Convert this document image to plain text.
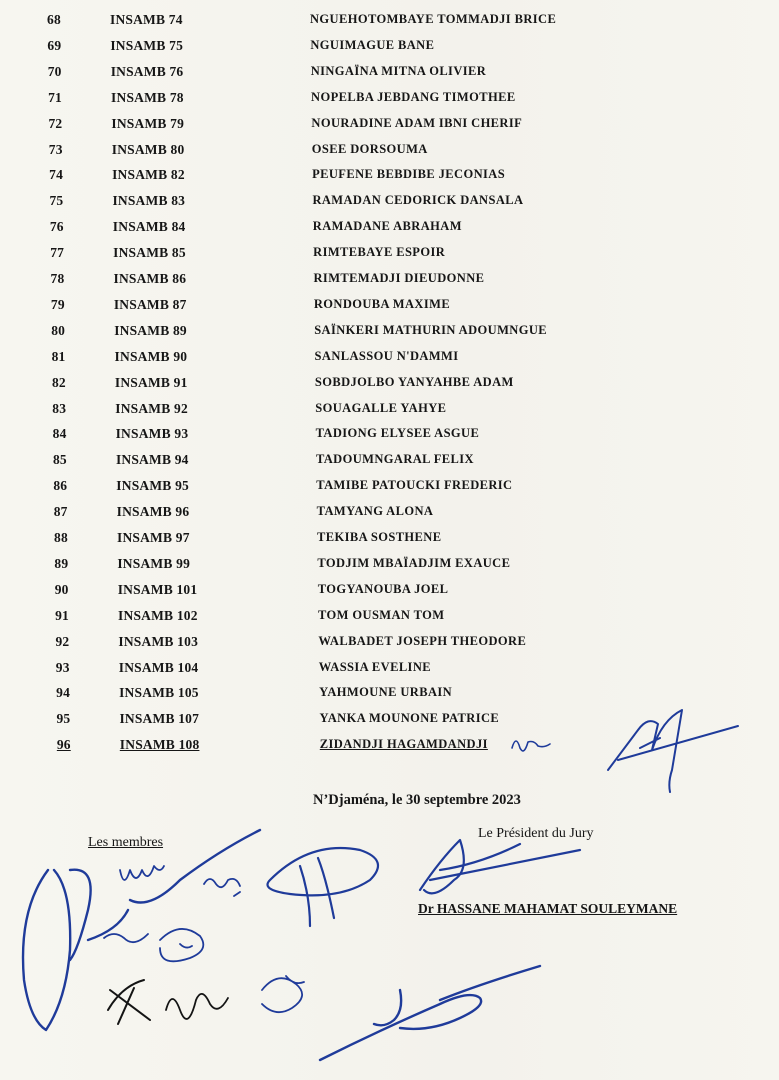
68	INSAMB 74	NGUEHOTOMBAYE TOMMADJI BRICE
69	INSAMB 75	NGUIMAGUE BANE
70	INSAMB 76	NINGAÏNA MITNA OLIVIER
71	INSAMB 78	NOPELBA JEBDANG TIMOTHEE
72	INSAMB 79	NOURADINE ADAM IBNI CHERIF
73	INSAMB 80	OSEE DORSOUMA
74	INSAMB 82	PEUFENE BEBDIBE JECONIAS
75	INSAMB 83	RAMADAN CEDORICK DANSALA
76	INSAMB 84	RAMADANE ABRAHAM
77	INSAMB 85	RIMTEBAYE ESPOIR
78	INSAMB 86	RIMTEMADJI DIEUDONNE
79	INSAMB 87	RONDOUBA MAXIME
80	INSAMB 89	SAÏNKERI MATHURIN ADOUMNGUE
81	INSAMB 90	SANLASSOU N'DAMMI
82	INSAMB 91	SOBDJOLBO YANYAHBE ADAM
83	INSAMB 92	SOUAGALLE YAHYE
84	INSAMB 93	TADIONG ELYSEE ASGUE
85	INSAMB 94	TADOUMNGARAL FELIX
86	INSAMB 95	TAMIBE PATOUCKI FREDERIC
87	INSAMB 96	TAMYANG ALONA
88	INSAMB 97	TEKIBA SOSTHENE
89	INSAMB 99	TODJIM MBAÏADJIM EXAUCE
90	INSAMB 101	TOGYANOUBA JOEL
91	INSAMB 102	TOM OUSMAN TOM
92	INSAMB 103	WALBADET JOSEPH THEODORE
93	INSAMB 104	WASSIA EVELINE
94	INSAMB 105	YAHMOUNE URBAIN
95	INSAMB 107	YANKA MOUNONE PATRICE
96	INSAMB 108	ZIDANDJI HAGAMDANDJI
N’Djaména, le 30 septembre 2023
Les membres
Le Président du Jury
Dr HASSANE MAHAMAT SOULEYMANE
